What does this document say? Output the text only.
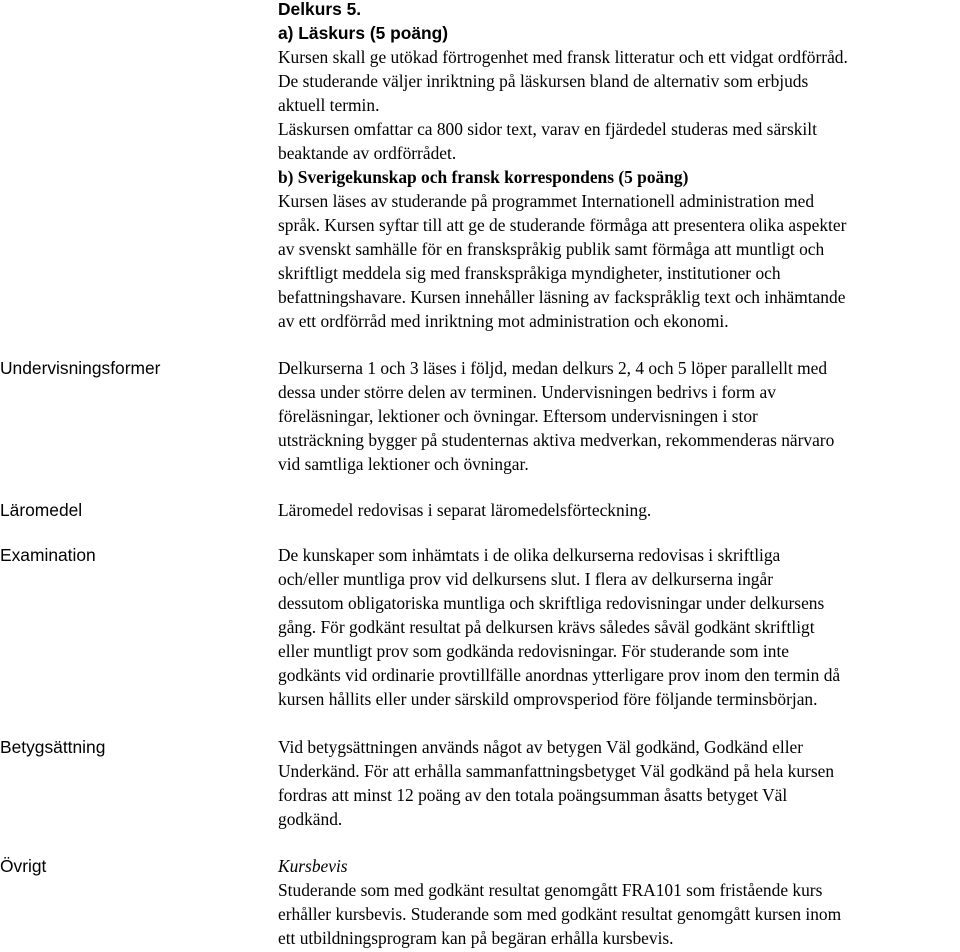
Delkurs 5.
a) Läskurs (5 poäng)
Kursen skall ge utökad förtrogenhet med fransk litteratur och ett vidgat ordförråd.
De studerande väljer inriktning på läskursen bland de alternativ som erbjuds
aktuell termin.
Läskursen omfattar ca 800 sidor text, varav en fjärdedel studeras med särskilt
beaktande av ordförrådet.
b) Sverigekunskap och fransk korrespondens (5 poäng)
Kursen läses av studerande på programmet Internationell administration med
språk. Kursen syftar till att ge de studerande förmåga att presentera olika aspekter
av svenskt samhälle för en franskspråkig publik samt förmåga att muntligt och
skriftligt meddela sig med franskspråkiga myndigheter, institutioner och
befattningshavare. Kursen innehåller läsning av fackspråklig text och inhämtande
av ett ordförråd med inriktning mot administration och ekonomi.
Undervisningsformer	Delkurserna 1 och 3 läses i följd, medan delkurs 2, 4 och 5 löper parallellt med
dessa under större delen av terminen. Undervisningen bedrivs i form av
föreläsningar, lektioner och övningar. Eftersom undervisningen i stor
utsträckning bygger på studenternas aktiva medverkan, rekommenderas närvaro
vid samtliga lektioner och övningar.
Läromedel	Läromedel redovisas i separat läromedelsförteckning.
Examination	De kunskaper som inhämtats i de olika delkurserna redovisas i skriftliga
och/eller muntliga prov vid delkursens slut. I flera av delkurserna ingår
dessutom obligatoriska muntliga och skriftliga redovisningar under delkursens
gång. För godkänt resultat på delkursen krävs således såväl godkänt skriftligt
eller muntligt prov som godkända redovisningar. För studerande som inte
godkänts vid ordinarie provtillfälle anordnas ytterligare prov inom den termin då
kursen hållits eller under särskild omprovsperiod före följande terminsbörjan.
Betygsättning	Vid betygsättningen används något av betygen Väl godkänd, Godkänd eller
Underkänd. För att erhålla sammanfattningsbetyget Väl godkänd på hela kursen
fordras att minst 12 poäng av den totala poängsumman åsatts betyget Väl
godkänd.
Övrigt	Kursbevis
Studerande som med godkänt resultat genomgått FRA101 som fristående kurs
erhåller kursbevis. Studerande som med godkänt resultat genomgått kursen inom
ett utbildningsprogram kan på begäran erhålla kursbevis.
